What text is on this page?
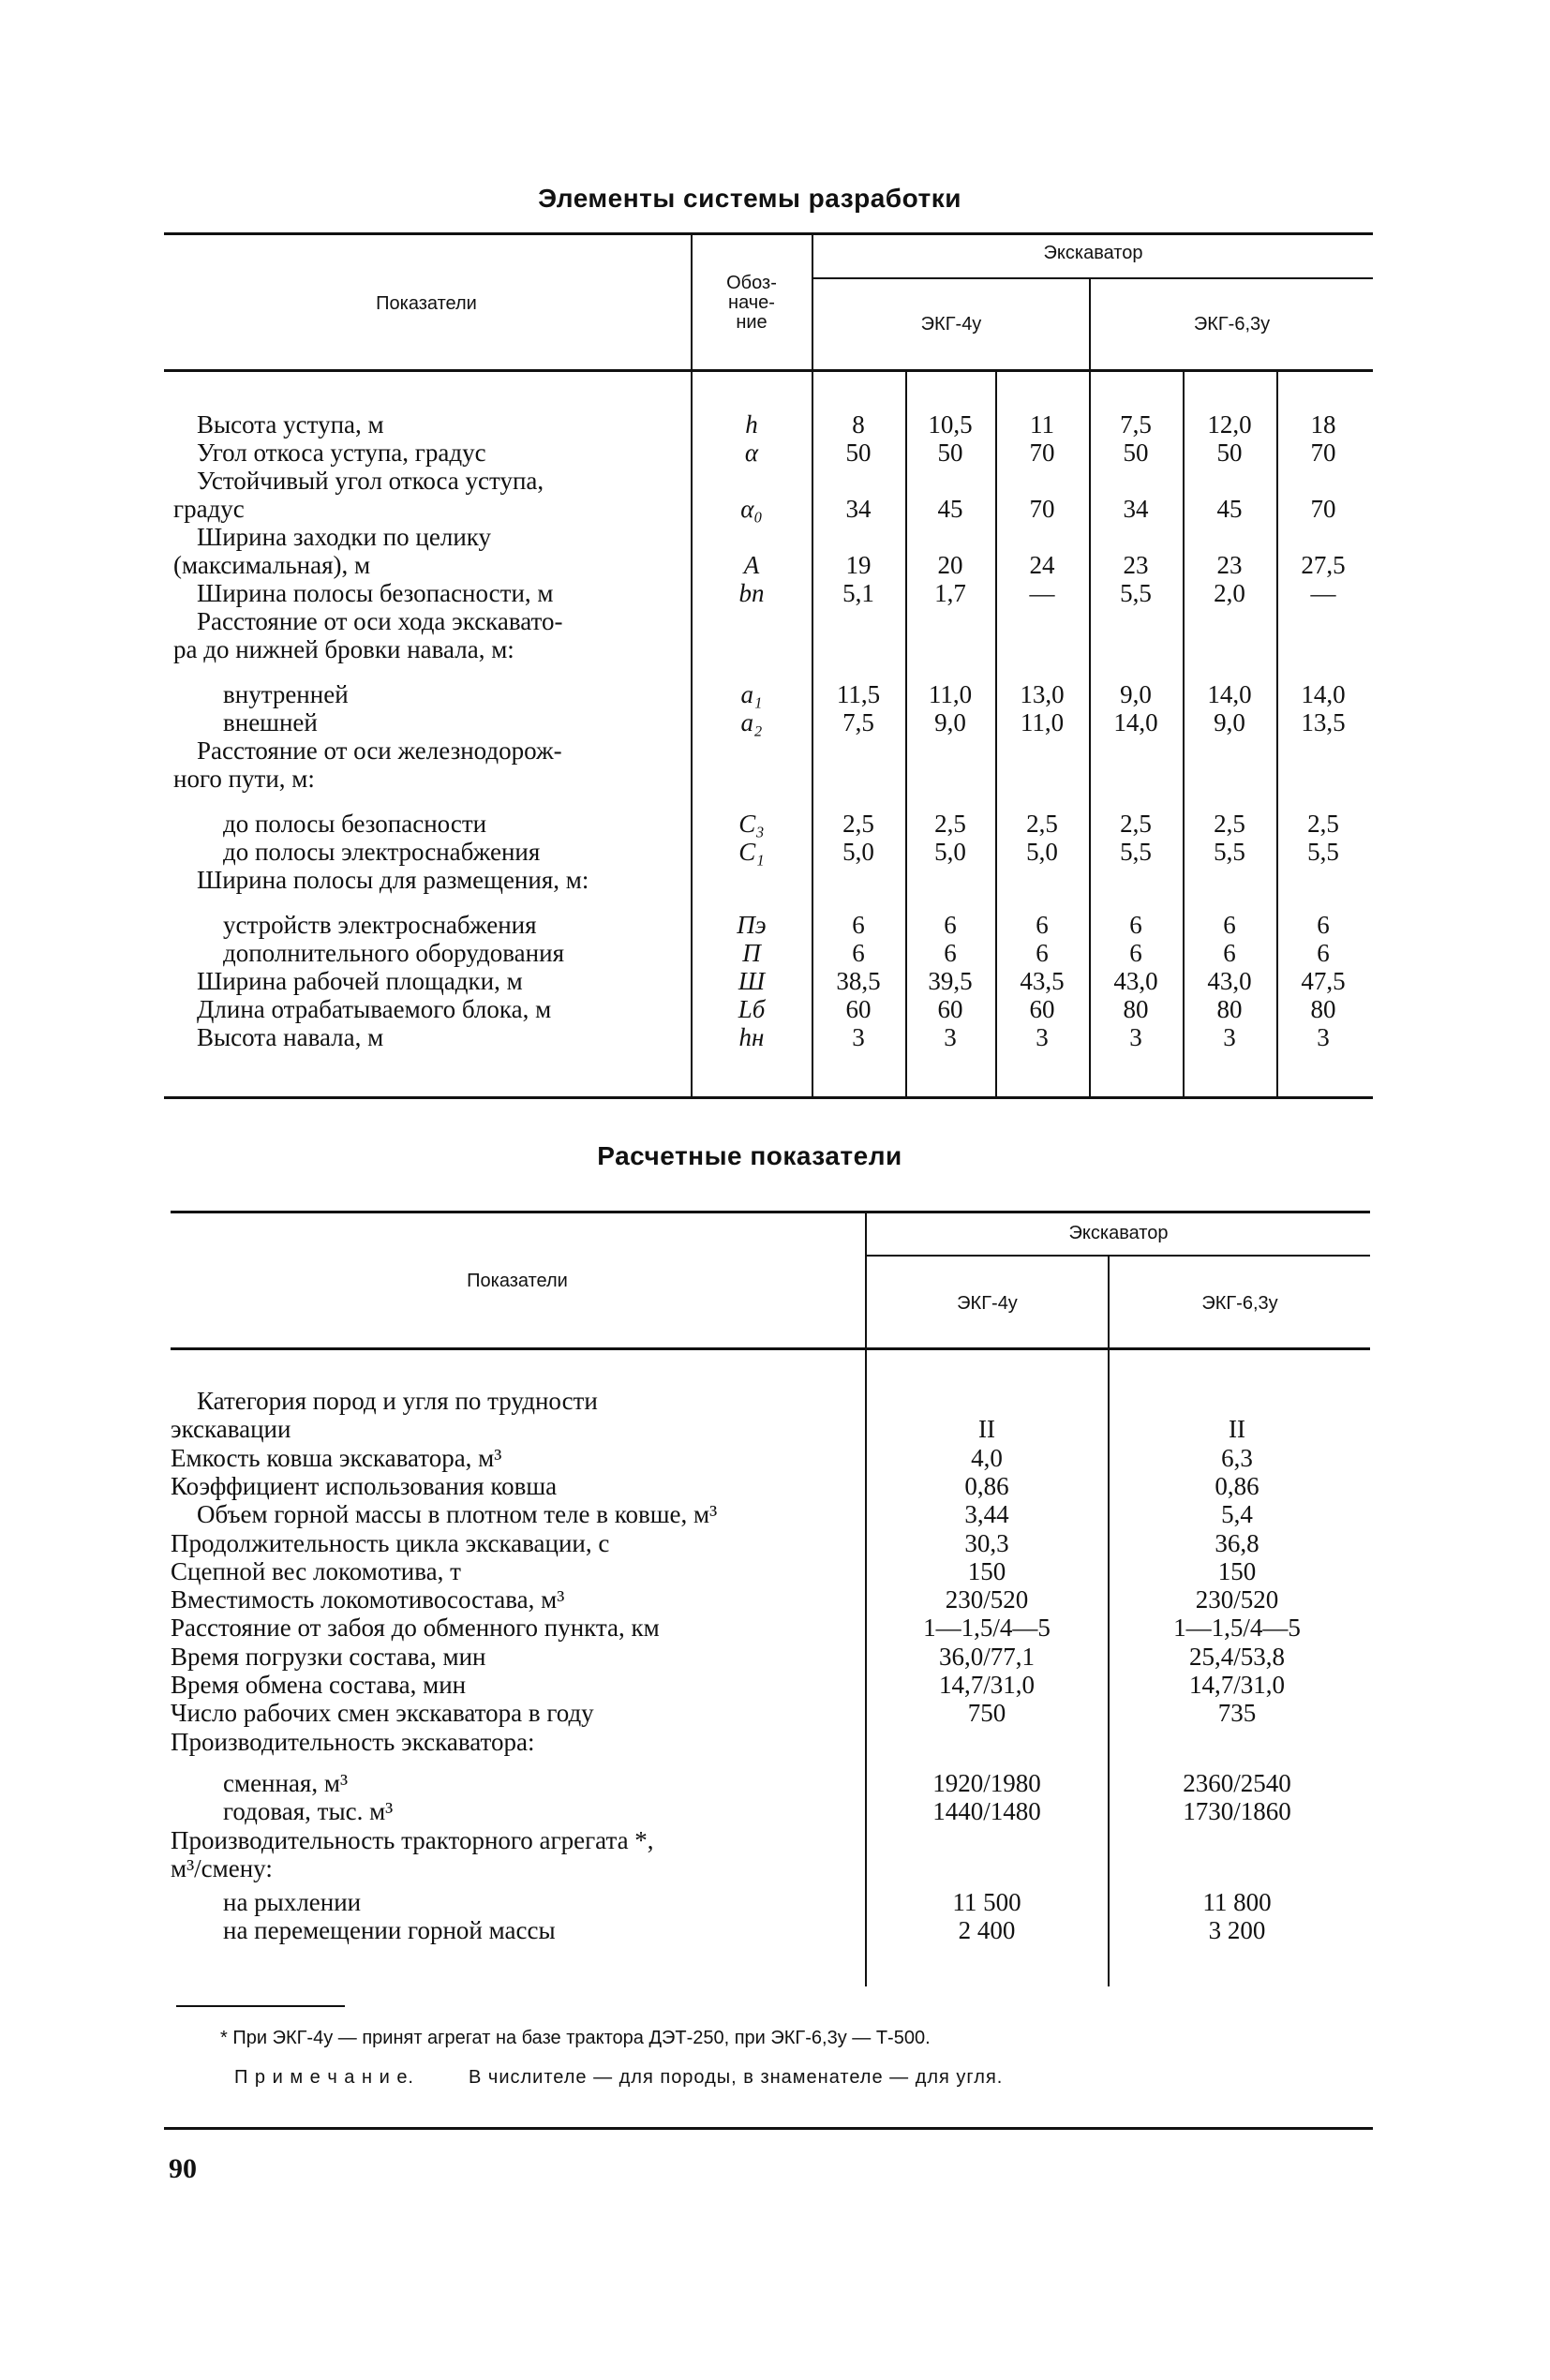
Элементы системы разработки
Показатели
Обоз-
наче-
ние
Экскаватор
ЭКГ-4у	ЭКГ-6,3у
Высота уступа, м	h	8	10,5	11	7,5	12,0	18
Угол откоса уступа, градус	α	50	50	70	50	50	70
Устойчивый угол откоса уступа,
градус	α₀	34	45	70	34	45	70
Ширина заходки по целику
(максимальная), м	A	19	20	24	23	23	27,5
Ширина полосы безопасности, м	bп	5,1	1,7	—	5,5	2,0	—
Расстояние от оси хода экскавато-
ра до нижней бровки навала, м:
внутренней	a₁	11,5	11,0	13,0	9,0	14,0	14,0
внешней	a₂	7,5	9,0	11,0	14,0	9,0	13,5
Расстояние от оси железнодорож-
ного пути, м:
до полосы безопасности	C₃	2,5	2,5	2,5	2,5	2,5	2,5
до полосы электроснабжения	C₁	5,0	5,0	5,0	5,5	5,5	5,5
Ширина полосы для размещения, м:
устройств электроснабжения	Пэ	6	6	6	6	6	6
дополнительного оборудования	П	6	6	6	6	6	6
Ширина рабочей площадки, м	Ш	38,5	39,5	43,5	43,0	43,0	47,5
Длина отрабатываемого блока, м	Lб	60	60	60	80	80	80
Высота навала, м	hн	3	3	3	3	3	3
Расчетные показатели
Показатели
Экскаватор
ЭКГ-4у	ЭКГ-6,3у
Категория пород и угля по трудности
экскавации	II	II
Емкость ковша экскаватора, м³	4,0	6,3
Коэффициент использования ковша	0,86	0,86
Объем горной массы в плотном теле в ковше, м³	3,44	5,4
Продолжительность цикла экскавации, с	30,3	36,8
Сцепной вес локомотива, т	150	150
Вместимость локомотивосостава, м³	230/520	230/520
Расстояние от забоя до обменного пункта, км	1—1,5/4—5	1—1,5/4—5
Время погрузки состава, мин	36,0/77,1	25,4/53,8
Время обмена состава, мин	14,7/31,0	14,7/31,0
Число рабочих смен экскаватора в году	750	735
Производительность экскаватора:
сменная, м³	1920/1980	2360/2540
годовая, тыс. м³	1440/1480	1730/1860
Производительность тракторного агрегата *,
м³/смену:
на рыхлении	11 500	11 800
на перемещении горной массы	2 400	3 200
* При ЭКГ-4у — принят агрегат на базе трактора ДЭТ-250, при ЭКГ-6,3у — Т-500.
П р и м е ч а н и е.	В числителе — для породы, в знаменателе — для угля.
90
